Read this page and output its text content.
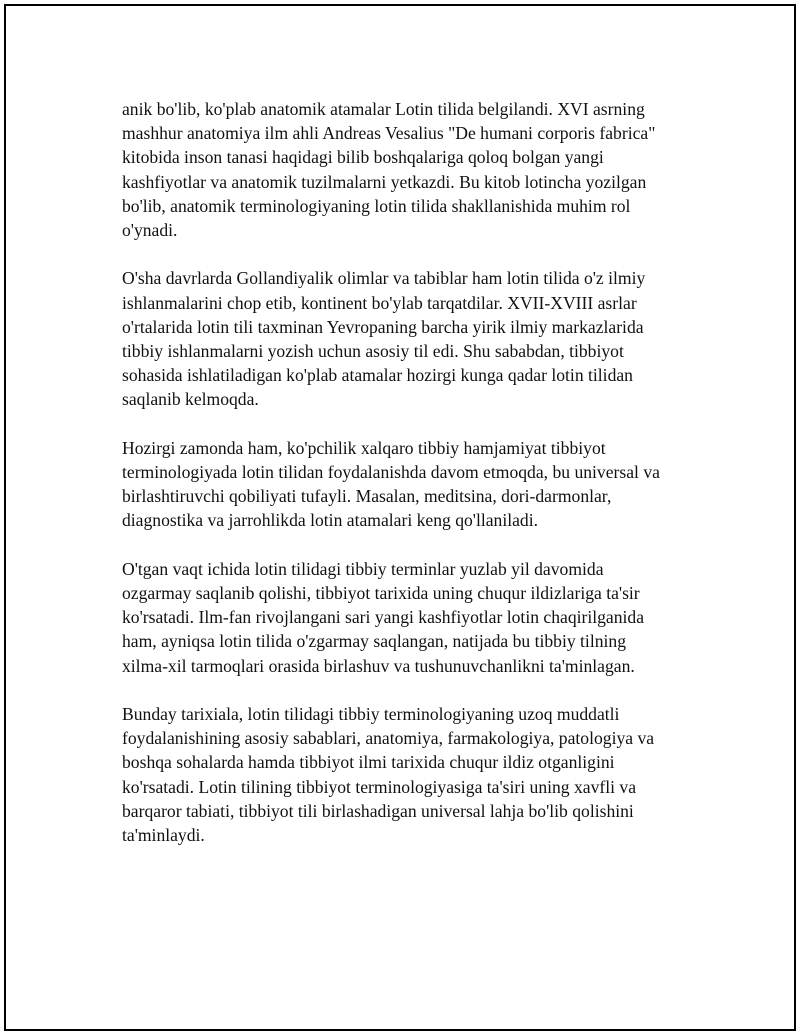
anik bo'lib, ko'plab anatomik atamalar Lotin tilida belgilandi. XVI asrning
mashhur anatomiya ilm ahli Andreas Vesalius "De humani corporis fabrica"
kitobida inson tanasi haqidagi bilib boshqalariga qoloq bolgan yangi
kashfiyotlar va anatomik tuzilmalarni yetkazdi. Bu kitob lotincha yozilgan
bo'lib, anatomik terminologiyaning lotin tilida shakllanishida muhim rol
o'ynadi.

O'sha davrlarda Gollandiyalik olimlar va tabiblar ham lotin tilida o'z ilmiy
ishlanmalarini chop etib, kontinent bo'ylab tarqatdilar. XVII-XVIII asrlar
o'rtalarida lotin tili taxminan Yevropaning barcha yirik ilmiy markazlarida
tibbiy ishlanmalarni yozish uchun asosiy til edi. Shu sababdan, tibbiyot
sohasida ishlatiladigan ko'plab atamalar hozirgi kunga qadar lotin tilidan
saqlanib kelmoqda.

Hozirgi zamonda ham, ko'pchilik xalqaro tibbiy hamjamiyat tibbiyot
terminologiyada lotin tilidan foydalanishda davom etmoqda, bu universal va
birlashtiruvchi qobiliyati tufayli. Masalan, meditsina, dori-darmonlar,
diagnostika va jarrohlikda lotin atamalari keng qo'llaniladi.

O'tgan vaqt ichida lotin tilidagi tibbiy terminlar yuzlab yil davomida
ozgarmay saqlanib qolishi, tibbiyot tarixida uning chuqur ildizlariga ta'sir
ko'rsatadi. Ilm-fan rivojlangani sari yangi kashfiyotlar lotin chaqirilganida
ham, ayniqsa lotin tilida o'zgarmay saqlangan, natijada bu tibbiy tilning
xilma-xil tarmoqlari orasida birlashuv va tushunuvchanlikni ta'minlagan.

Bunday tarixiala, lotin tilidagi tibbiy terminologiyaning uzoq muddatli
foydalanishining asosiy sabablari, anatomiya, farmakologiya, patologiya va
boshqa sohalarda hamda tibbiyot ilmi tarixida chuqur ildiz otganligini
ko'rsatadi. Lotin tilining tibbiyot terminologiyasiga ta'siri uning xavfli va
barqaror tabiati, tibbiyot tili birlashadigan universal lahja bo'lib qolishini
ta'minlaydi.
